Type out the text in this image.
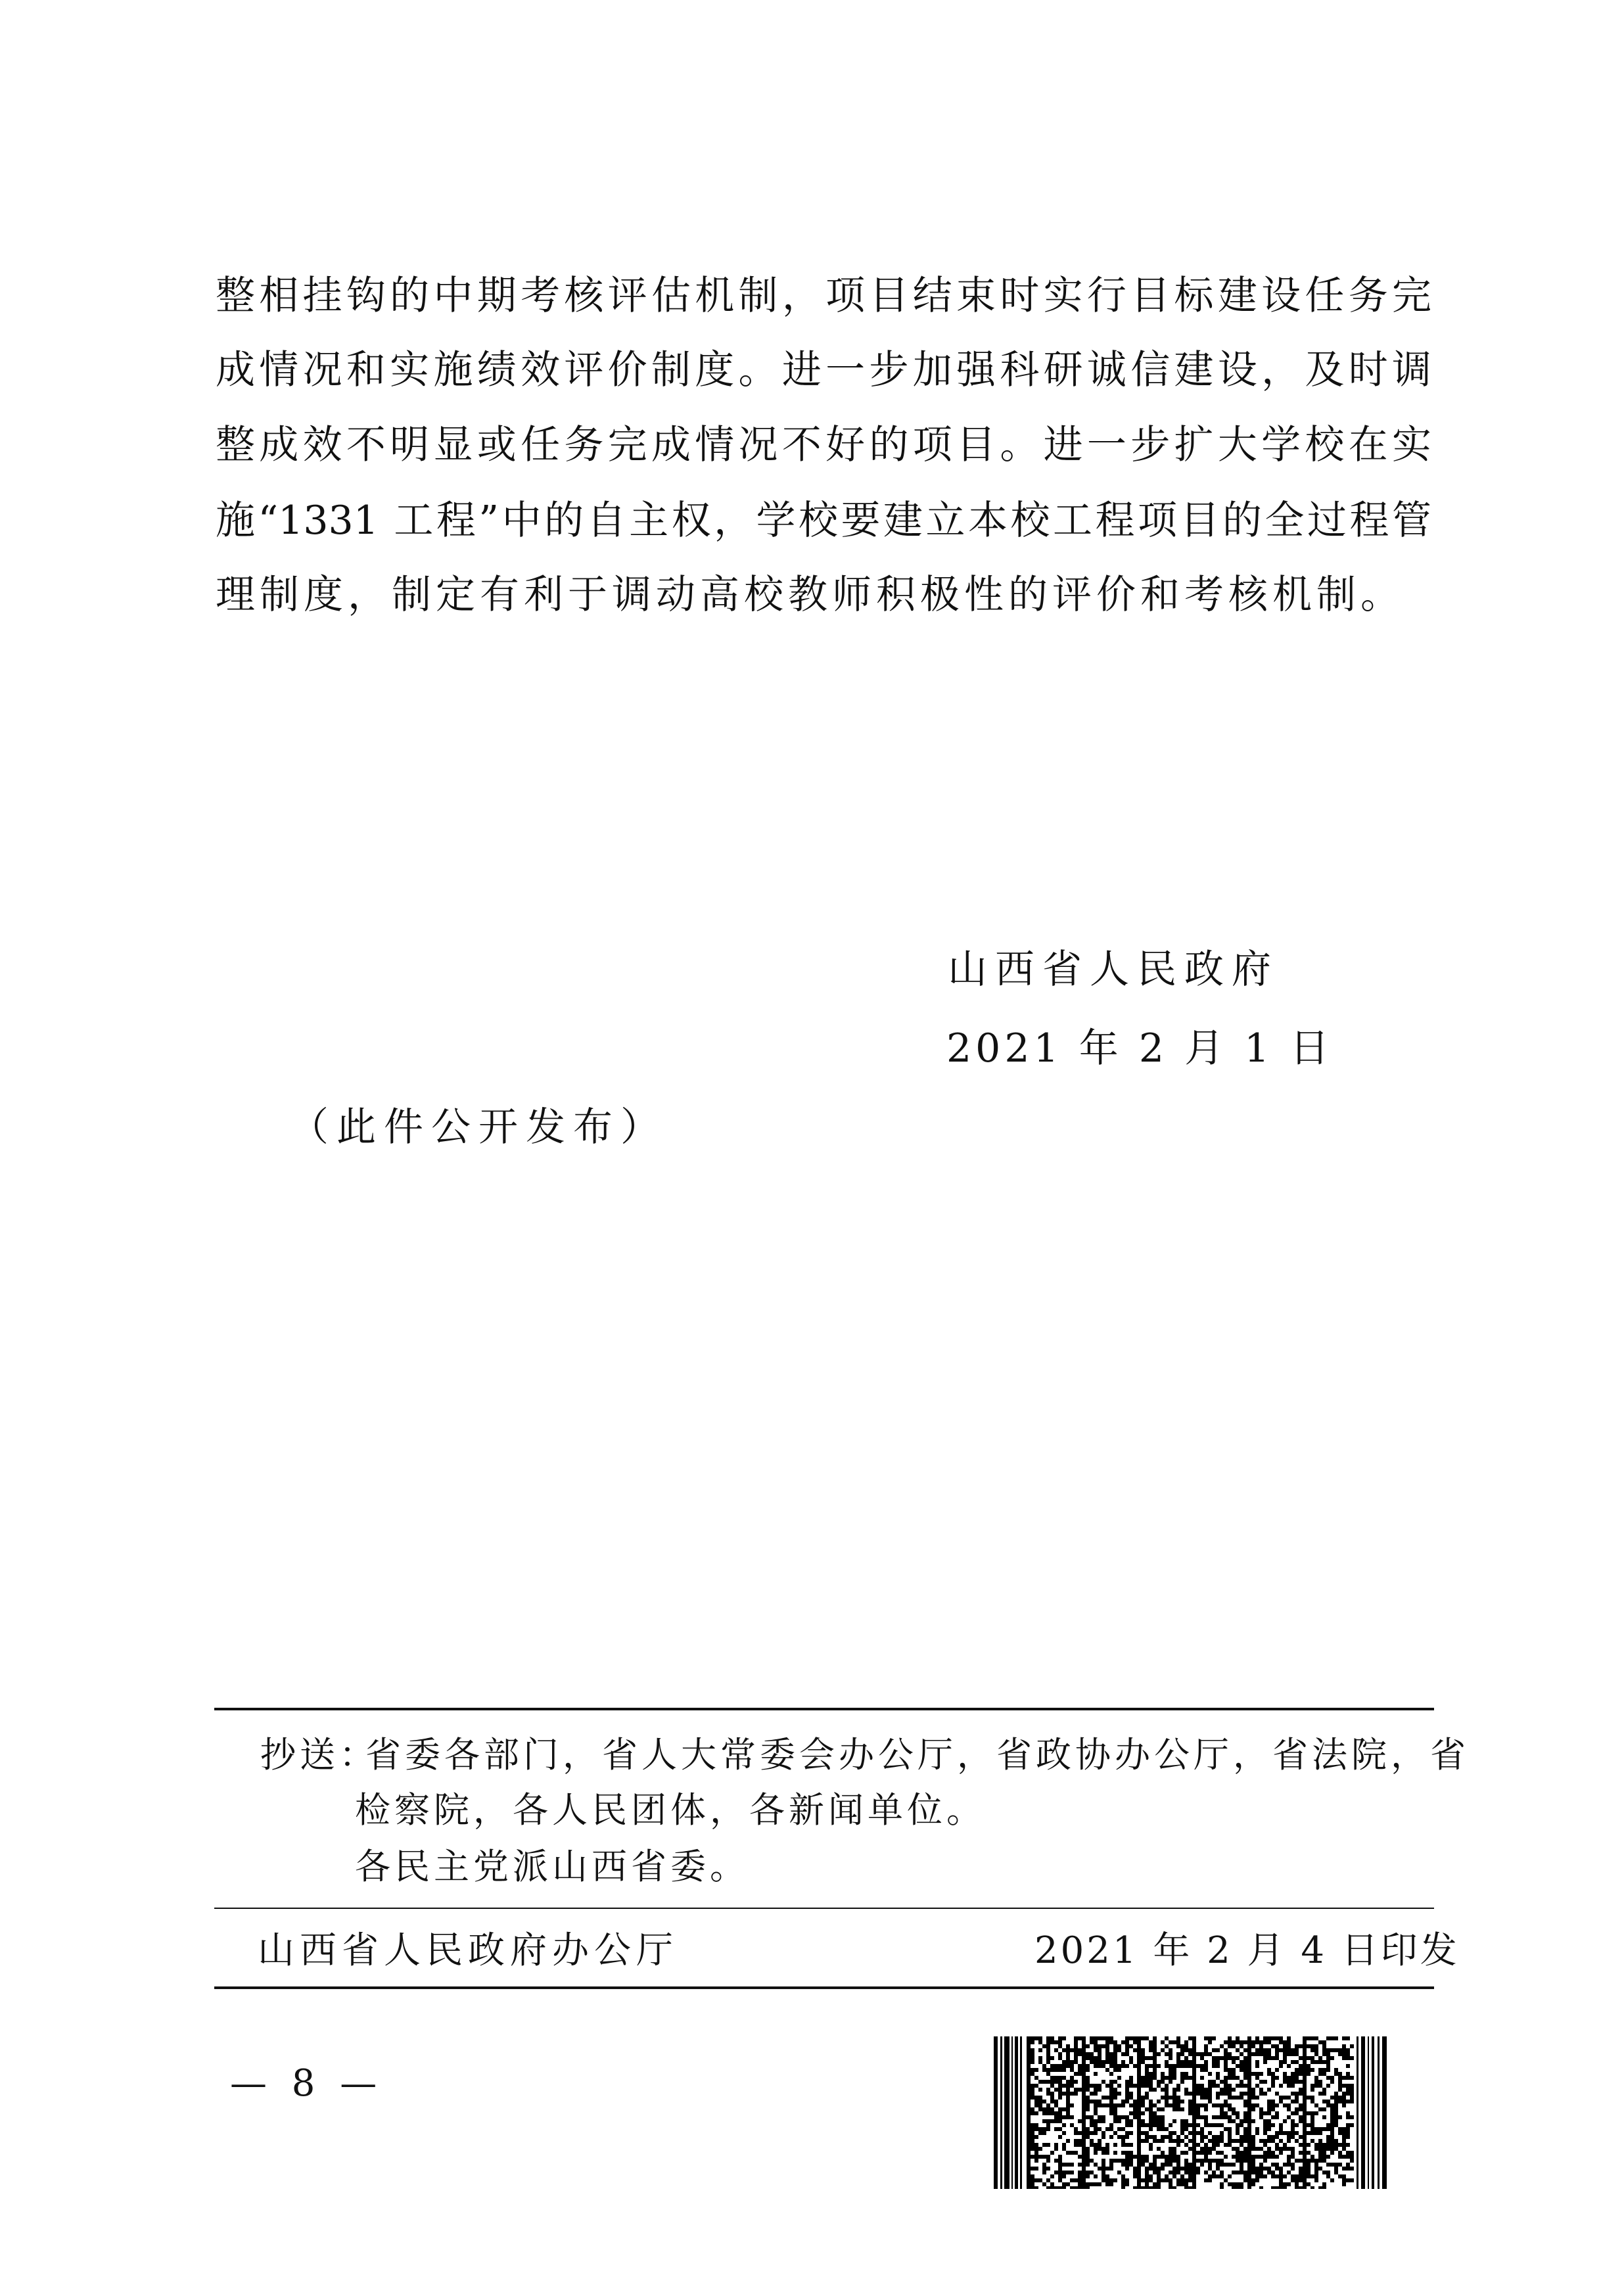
整相挂钩的中期考核评估机制，项目结束时实行目标建设任务完
成情况和实施绩效评价制度。进一步加强科研诚信建设，及时调
整成效不明显或任务完成情况不好的项目。进一步扩大学校在实
施“1331 工程”中的自主权，学校要建立本校工程项目的全过程管
理制度，制定有利于调动高校教师积极性的评价和考核机制。
山西省人民政府
2021 年 2 月 1 日
（此件公开发布）
抄送：
省委各部门，省人大常委会办公厅，省政协办公厅，省法院，省
检察院，各人民团体，各新闻单位。
各民主党派山西省委。
山西省人民政府办公厅	2021 年 2 月 4 日印发
— 8 —
